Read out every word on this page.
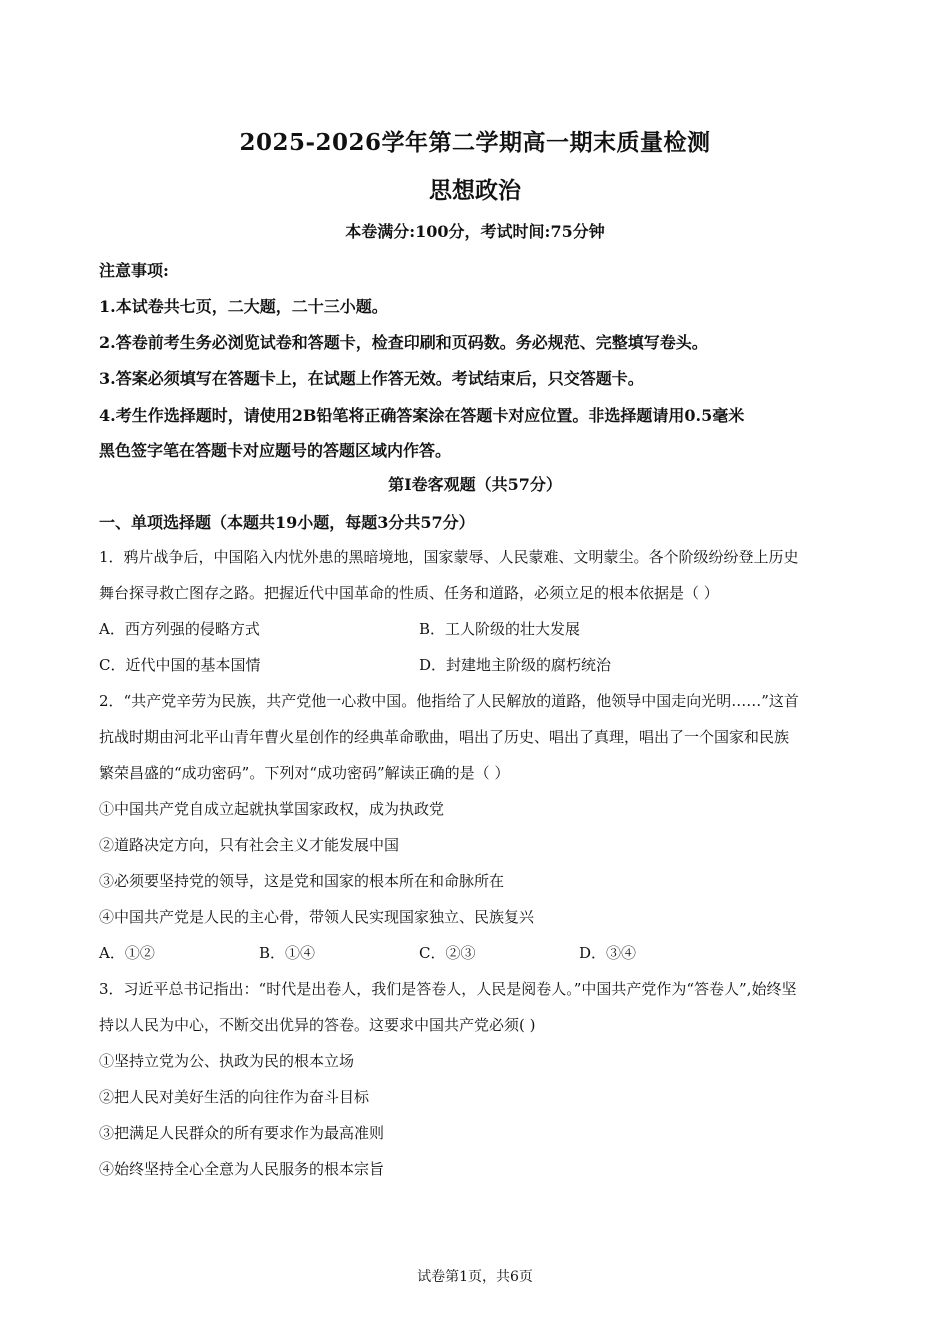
2025-2026学年第二学期高一期末质量检测
思想政治
本卷满分:100分，考试时间:75分钟
注意事项:
1.本试卷共七页，二大题，二十三小题。
2.答卷前考生务必浏览试卷和答题卡，检查印刷和页码数。务必规范、完整填写卷头。
3.答案必须填写在答题卡上，在试题上作答无效。考试结束后，只交答题卡。
4.考生作选择题时，请使用2B铅笔将正确答案涂在答题卡对应位置。非选择题请用0.5毫米
黑色签字笔在答题卡对应题号的答题区域内作答。
第I卷客观题（共57分）
一、单项选择题（本题共19小题，每题3分共57分）
1．鸦片战争后，中国陷入内忧外患的黑暗境地，国家蒙辱、人民蒙难、文明蒙尘。各个阶级纷纷登上历史
舞台探寻救亡图存之路。把握近代中国革命的性质、任务和道路，必须立足的根本依据是（ ）
A．西方列强的侵略方式	B．工人阶级的壮大发展
C．近代中国的基本国情	D．封建地主阶级的腐朽统治
2．“共产党辛劳为民族，共产党他一心救中国。他指给了人民解放的道路，他领导中国走向光明……”这首
抗战时期由河北平山青年曹火星创作的经典革命歌曲，唱出了历史、唱出了真理，唱出了一个国家和民族
繁荣昌盛的“成功密码”。下列对“成功密码”解读正确的是（ ）
①中国共产党自成立起就执掌国家政权，成为执政党
②道路决定方向，只有社会主义才能发展中国
③必须要坚持党的领导，这是党和国家的根本所在和命脉所在
④中国共产党是人民的主心骨，带领人民实现国家独立、民族复兴
A．①②	B．①④	C．②③	D．③④
3．习近平总书记指出：“时代是出卷人，我们是答卷人，人民是阅卷人。”中国共产党作为“答卷人”,始终坚
持以人民为中心，不断交出优异的答卷。这要求中国共产党必须( )
①坚持立党为公、执政为民的根本立场
②把人民对美好生活的向往作为奋斗目标
③把满足人民群众的所有要求作为最高准则
④始终坚持全心全意为人民服务的根本宗旨
试卷第1页，共6页
